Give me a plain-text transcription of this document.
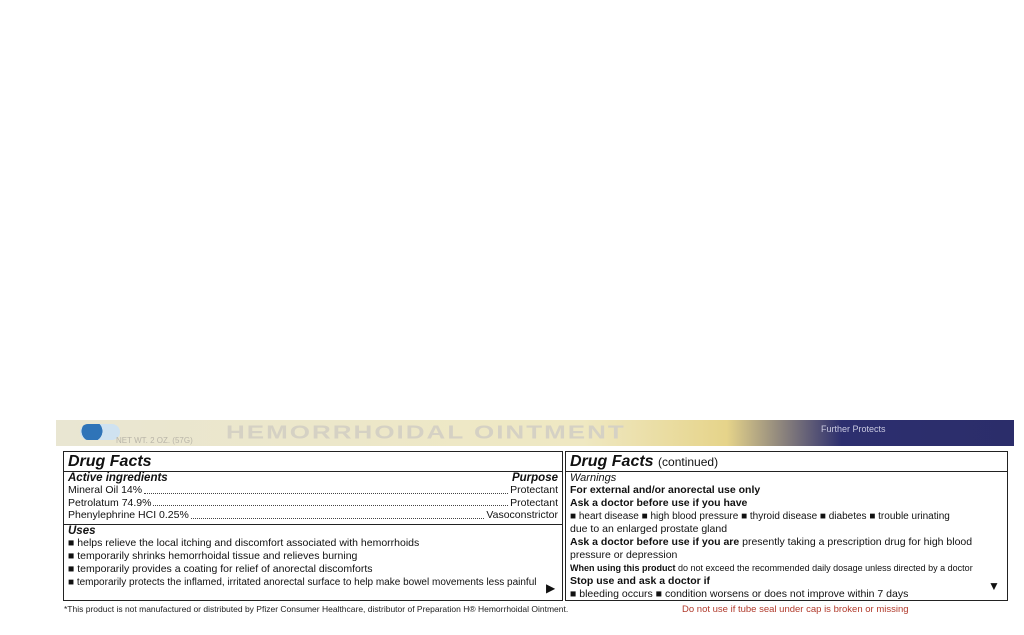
HEMORRHOIDAL OINTMENT
NET WT. 2 OZ. (57G)
Further Protects
Drug Facts
Active ingredients	Purpose
Mineral Oil 14%	Protectant
Petrolatum 74.9%	Protectant
Phenylephrine HCI 0.25%	Vasoconstrictor
Uses
■ helps relieve the local itching and discomfort associated with hemorrhoids
■ temporarily shrinks hemorrhoidal tissue and relieves burning
■ temporarily provides a coating for relief of anorectal discomforts
■ temporarily protects the inflamed, irritated anorectal surface to help make bowel movements less painful ▶
Drug Facts (continued)
Warnings
For external and/or anorectal use only
Ask a doctor before use if you have
■ heart disease ■ high blood pressure ■ thyroid disease ■ diabetes ■ trouble urinating
due to an enlarged prostate gland
Ask a doctor before use if you are presently taking a prescription drug for high blood
pressure or depression
When using this product do not exceed the recommended daily dosage unless directed by a doctor
Stop use and ask a doctor if
■ bleeding occurs ■ condition worsens or does not improve within 7 days
▼
*This product is not manufactured or distributed by Pfizer Consumer Healthcare, distributor of Preparation H® Hemorrhoidal Ointment.	Do not use if tube seal under cap is broken or missing
